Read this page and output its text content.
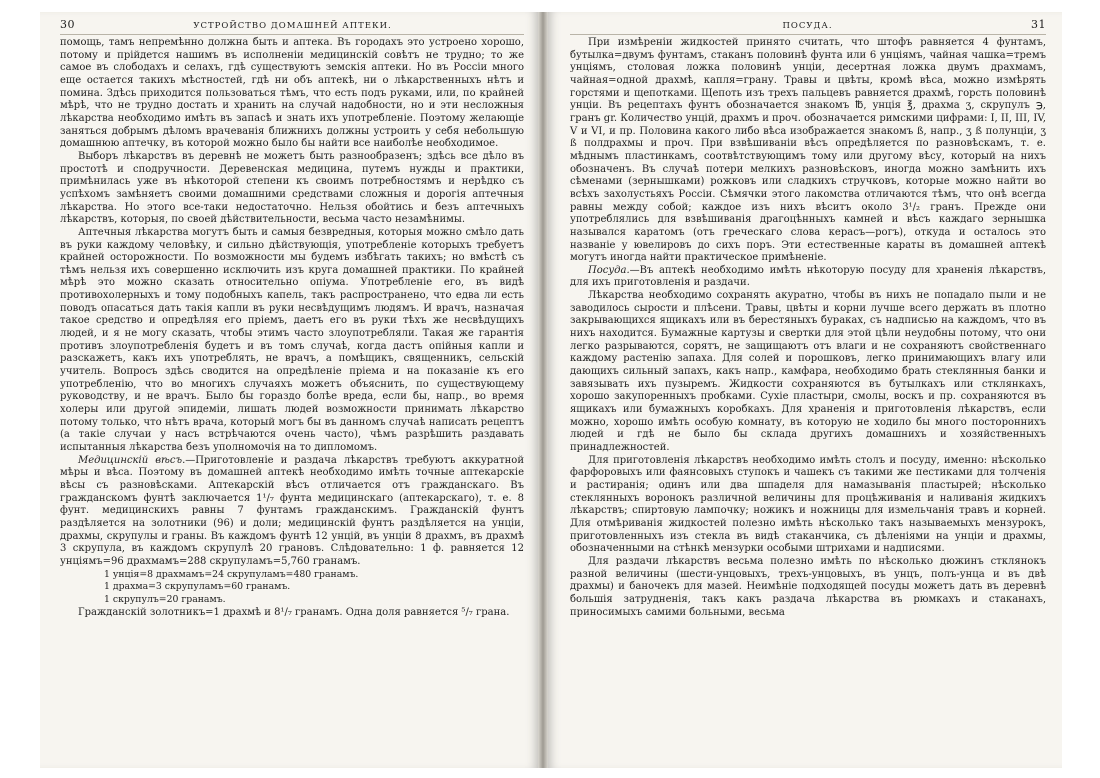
30	УСТРОЙСТВО ДОМАШНЕЙ АПТЕКИ.

помощь, тамъ непремѣнно должна быть и аптека. Въ городахъ это устроено хорошо, потому и прійдется нашимъ въ исполненіи медицинскій совѣтъ не трудно; то же самое въ слободахъ и селахъ, гдѣ существуютъ земскія аптеки. Но въ Россіи много еще остается такихъ мѣстностей, гдѣ ни объ аптекѣ, ни о лѣкарственныхъ нѣтъ и помина. Здѣсь приходится пользоваться тѣмъ, что есть подъ руками, или, по крайней мѣрѣ, что не трудно достать и хранить на случай надобности, но и эти несложныя лѣкарства необходимо имѣть въ запасѣ и знать ихъ употребленіе. Поэтому желающіе заняться добрымъ дѣломъ врачеванія ближнихъ должны устроить у себя небольшую домашнюю аптечку, въ которой можно было бы найти все наиболѣе необходимое.

Выборъ лѣкарствъ въ деревнѣ не можетъ быть разнообразенъ; здѣсь все дѣло въ простотѣ и сподручности. Деревенская медицина, путемъ нужды и практики, примѣнилась уже въ нѣкоторой степени къ своимъ потребностямъ и нерѣдко съ успѣхомъ замѣняетъ своими домашними средствами сложныя и дорогія аптечныя лѣкарства. Но этого все-таки недостаточно. Нельзя обойтись и безъ аптечныхъ лѣкарствъ, которыя, по своей дѣйствительности, весьма часто незамѣнимы.

Аптечныя лѣкарства могутъ быть и самыя безвредныя, которыя можно смѣло дать въ руки каждому человѣку, и сильно дѣйствующія, употребленіе которыхъ требуетъ крайней осторожности. По возможности мы будемъ избѣгать такихъ; но вмѣстѣ съ тѣмъ нельзя ихъ совершенно исключить изъ круга домашней практики. По крайней мѣрѣ это можно сказать относительно опіума. Употребленіе его, въ видѣ противохолерныхъ и тому подобныхъ капель, такъ распространено, что едва ли есть поводъ опасаться дать такія капли въ руки несвѣдущимъ людямъ. И врачъ, назначая такое средство и опредѣляя его пріемъ, даетъ его въ руки тѣхъ же несвѣдущихъ людей, и я не могу сказать, чтобы этимъ часто злоупотребляли. Такая же гарантія противъ злоупотребленія будетъ и въ томъ случаѣ, когда дастъ опійныя капли и разскажетъ, какъ ихъ употреблять, не врачъ, а помѣщикъ, священникъ, сельскій учитель. Вопросъ здѣсь сводится на опредѣленіе пріема и на показаніе къ его употребленію, что во многихъ случаяхъ можетъ объяснить, по существующему руководству, и не врачъ. Было бы гораздо болѣе вреда, если бы, напр., во время холеры или другой эпидеміи, лишать людей возможности принимать лѣкарство потому только, что нѣтъ врача, который могъ бы въ данномъ случаѣ написать рецептъ (а такіе случаи у насъ встрѣчаются очень часто), чѣмъ разрѣшить раздавать испытанныя лѣкарства безъ уполномочія на то дипломомъ.

Медицинскій вѣсъ.—Приготовленіе и раздача лѣкарствъ требуютъ аккуратной мѣры и вѣса. Поэтому въ домашней аптекѣ необходимо имѣть точные аптекарскіе вѣсы съ разновѣсками. Аптекарскій вѣсъ отличается отъ гражданскаго. Въ гражданскомъ фунтѣ заключается 1¹/₇ фунта медицинскаго (аптекарскаго), т. е. 8 фунт. медицинскихъ равны 7 фунтамъ гражданскимъ. Гражданскій фунтъ раздѣляется на золотники (96) и доли; медицинскій фунтъ раздѣляется на унціи, драхмы, скрупулы и граны. Въ каждомъ фунтѣ 12 унцій, въ унціи 8 драхмъ, въ драхмѣ 3 скрупула, въ каждомъ скрупулѣ 20 грановъ. Слѣдовательно: 1 ф. равняется 12 унціямъ=96 драхмамъ=288 скрупуламъ=5,760 гранамъ.

1 унція=8 драхмамъ=24 скрупуламъ=480 гранамъ.

1 драхма=3 скрупуламъ=60 гранамъ.

1 скрупулъ=20 гранамъ.

Гражданскій золотникъ=1 драхмѣ и 8¹/₇ гранамъ. Одна доля равняется ⁵/₇ грана.

ПОСУДА.	31

При измѣреніи жидкостей принято считать, что штофъ равняется 4 фунтамъ, бутылка=двумъ фунтамъ, стаканъ половинѣ фунта или 6 унціямъ, чайная чашка=тремъ унціямъ, столовая ложка половинѣ унціи, десертная ложка двумъ драхмамъ, чайная=одной драхмѣ, капля=грану. Травы и цвѣты, кромѣ вѣса, можно измѣрять горстями и щепотками. Щепоть изъ трехъ пальцевъ равняется драхмѣ, горсть половинѣ унціи. Въ рецептахъ фунтъ обозначается знакомъ ℔, унція ℥, драхма ʒ, скрупулъ ℈, гранъ gr. Количество унцій, драхмъ и проч. обозначается римскими цифрами: I, II, III, IV, V и VI, и пр. Половина какого либо вѣса изображается знакомъ ß, напр., ʒ ß полунціи, ʒ ß полдрахмы и проч. При взвѣшиваніи вѣсъ опредѣляется по разновѣскамъ, т. е. мѣднымъ пластинкамъ, соотвѣтствующимъ тому или другому вѣсу, который на нихъ обозначенъ. Въ случаѣ потери мелкихъ разновѣсковъ, иногда можно замѣнить ихъ сѣменами (зернышками) рожковъ или сладкихъ стручковъ, которые можно найти во всѣхъ захолустьяхъ Россіи. Сѣмячки этого лакомства отличаются тѣмъ, что онѣ всегда равны между собой; каждое изъ нихъ вѣситъ около 3¹/₂ гранъ. Прежде они употреблялись для взвѣшиванія драгоцѣнныхъ камней и вѣсъ каждаго зернышка назывался каратомъ (отъ греческаго слова керасъ—рогъ), откуда и осталось это названіе у ювелировъ до сихъ поръ. Эти естественные караты въ домашней аптекѣ могутъ иногда найти практическое примѣненіе.

Посуда.—Въ аптекѣ необходимо имѣть нѣкоторую посуду для храненія лѣкарствъ, для ихъ приготовленія и раздачи.

Лѣкарства необходимо сохранять акуратно, чтобы въ нихъ не попадало пыли и не заводилось сырости и плѣсени. Травы, цвѣты и корни лучше всего держать въ плотно закрывающихся ящикахъ или въ берестяныхъ бураках, съ надписью на каждомъ, что въ нихъ находится. Бумажные картузы и свертки для этой цѣли неудобны потому, что они легко разрываются, сорятъ, не защищаютъ отъ влаги и не сохраняютъ свойственнаго каждому растенію запаха. Для солей и порошковъ, легко принимающихъ влагу или дающихъ сильный запахъ, какъ напр., камфара, необходимо брать стеклянныя банки и завязывать ихъ пузыремъ. Жидкости сохраняются въ бутылкахъ или стклянкахъ, хорошо закупоренныхъ пробками. Сухіе пластыри, смолы, воскъ и пр. сохраняются въ ящикахъ или бумажныхъ коробкахъ. Для храненія и приготовленія лѣкарствъ, если можно, хорошо имѣть особую комнату, въ которую не ходило бы много постороннихъ людей и гдѣ не было бы склада другихъ домашнихъ и хозяйственныхъ принадлежностей.

Для приготовленія лѣкарствъ необходимо имѣть столъ и посуду, именно: нѣсколько фарфоровыхъ или фаянсовыхъ ступокъ и чашекъ съ такими же пестиками для толченія и растиранія; одинъ или два шпаделя для намазыванія пластырей; нѣсколько стеклянныхъ воронокъ различной величины для процѣживанія и наливанія жидкихъ лѣкарствъ; спиртовую лампочку; ножикъ и ножницы для измельчанія травъ и корней. Для отмѣриванія жидкостей полезно имѣть нѣсколько такъ называемыхъ мензурокъ, приготовленныхъ изъ стекла въ видѣ стаканчика, съ дѣленіями на унціи и драхмы, обозначенными на стѣнкѣ мензурки особыми штрихами и надписями.

Для раздачи лѣкарствъ весьма полезно имѣть по нѣсколько дюжинъ стклянокъ разной величины (шести-унцовыхъ, трехъ-унцовыхъ, въ унцъ, полъ-унца и въ двѣ драхмы) и баночекъ для мазей. Неимѣніе подходящей посуды можетъ дать въ деревнѣ большія затрудненія, такъ какъ раздача лѣкарства въ рюмкахъ и стаканахъ, приносимыхъ самими больными, весьма
